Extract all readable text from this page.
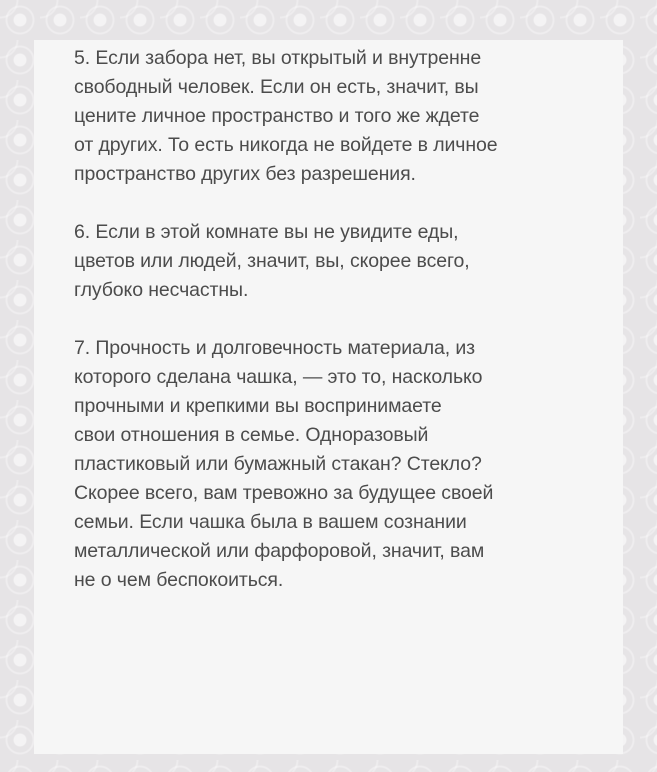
5. Если забора нет, вы открытый и внутренне
свободный человек. Если он есть, значит, вы
цените личное пространство и того же ждете
от других. То есть никогда не войдете в личное
пространство других без разрешения.

6. Если в этой комнате вы не увидите еды,
цветов или людей, значит, вы, скорее всего,
глубоко несчастны.

7. Прочность и долговечность материала, из
которого сделана чашка, — это то, насколько
прочными и крепкими вы воспринимаете
свои отношения в семье. Одноразовый
пластиковый или бумажный стакан? Стекло?
Скорее всего, вам тревожно за будущее своей
семьи. Если чашка была в вашем сознании
металлической или фарфоровой, значит, вам
не о чем беспокоиться.
